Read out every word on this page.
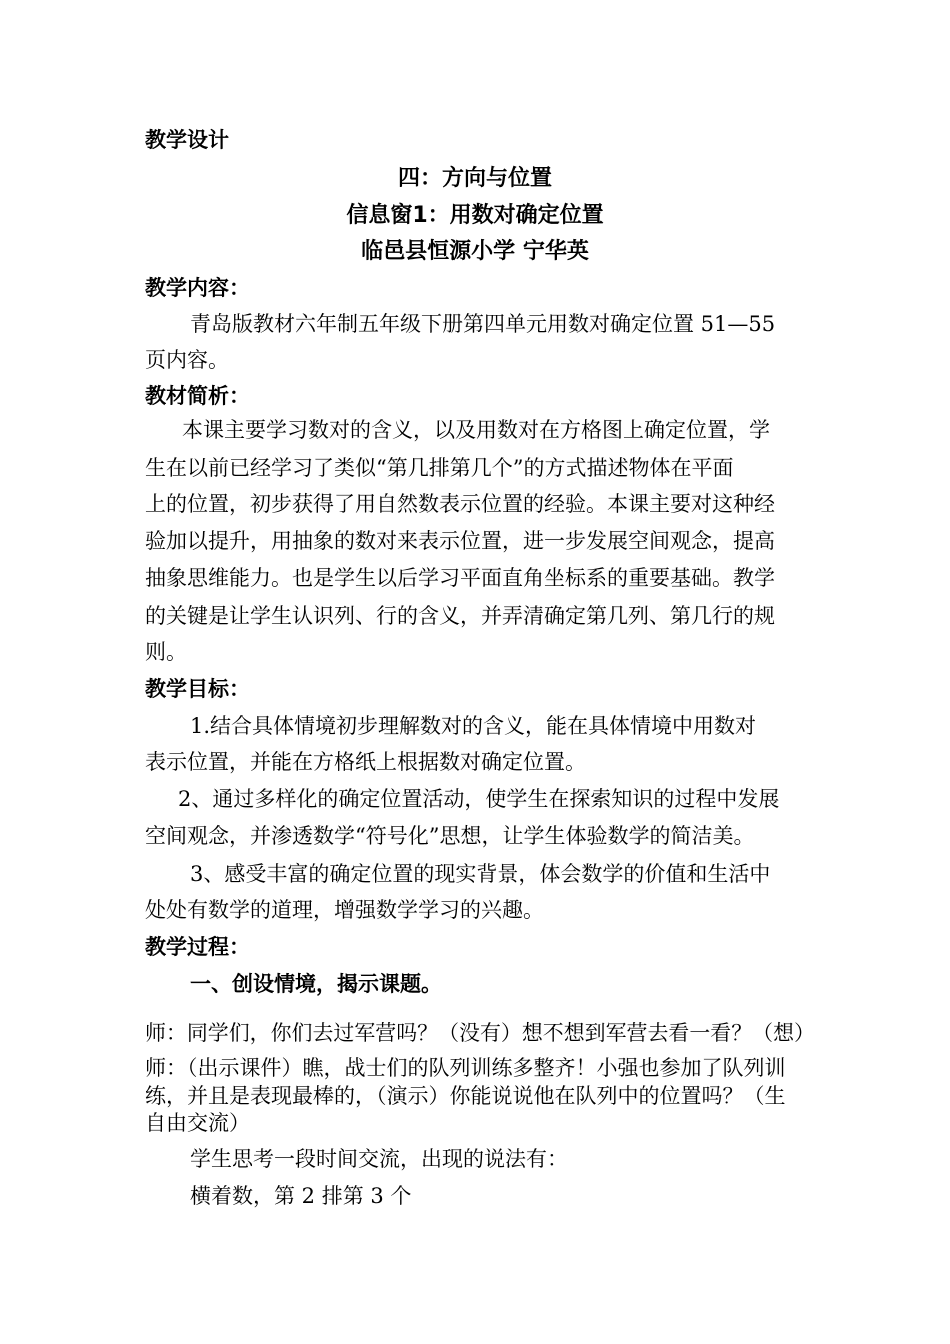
教学设计
四：方向与位置
信息窗1：用数对确定位置
临邑县恒源小学 宁华英
教学内容：
青岛版教材六年制五年级下册第四单元用数对确定位置 51—55
页内容。
教材简析：
本课主要学习数对的含义，以及用数对在方格图上确定位置，学
生在以前已经学习了类似“第几排第几个”的方式描述物体在平面
上的位置，初步获得了用自然数表示位置的经验。本课主要对这种经
验加以提升，用抽象的数对来表示位置，进一步发展空间观念，提高
抽象思维能力。也是学生以后学习平面直角坐标系的重要基础。教学
的关键是让学生认识列、行的含义，并弄清确定第几列、第几行的规
则。
教学目标：
1.结合具体情境初步理解数对的含义，能在具体情境中用数对
表示位置，并能在方格纸上根据数对确定位置。
2、通过多样化的确定位置活动，使学生在探索知识的过程中发展
空间观念，并渗透数学“符号化”思想，让学生体验数学的简洁美。
3、感受丰富的确定位置的现实背景，体会数学的价值和生活中
处处有数学的道理，增强数学学习的兴趣。
教学过程：
一、创设情境，揭示课题。
师：同学们，你们去过军营吗？（没有）想不想到军营去看一看？（想）
师：（出示课件）瞧，战士们的队列训练多整齐！小强也参加了队列训
练，并且是表现最棒的，（演示）你能说说他在队列中的位置吗？（生
自由交流）
学生思考一段时间交流，出现的说法有：
横着数，第 2 排第 3 个
